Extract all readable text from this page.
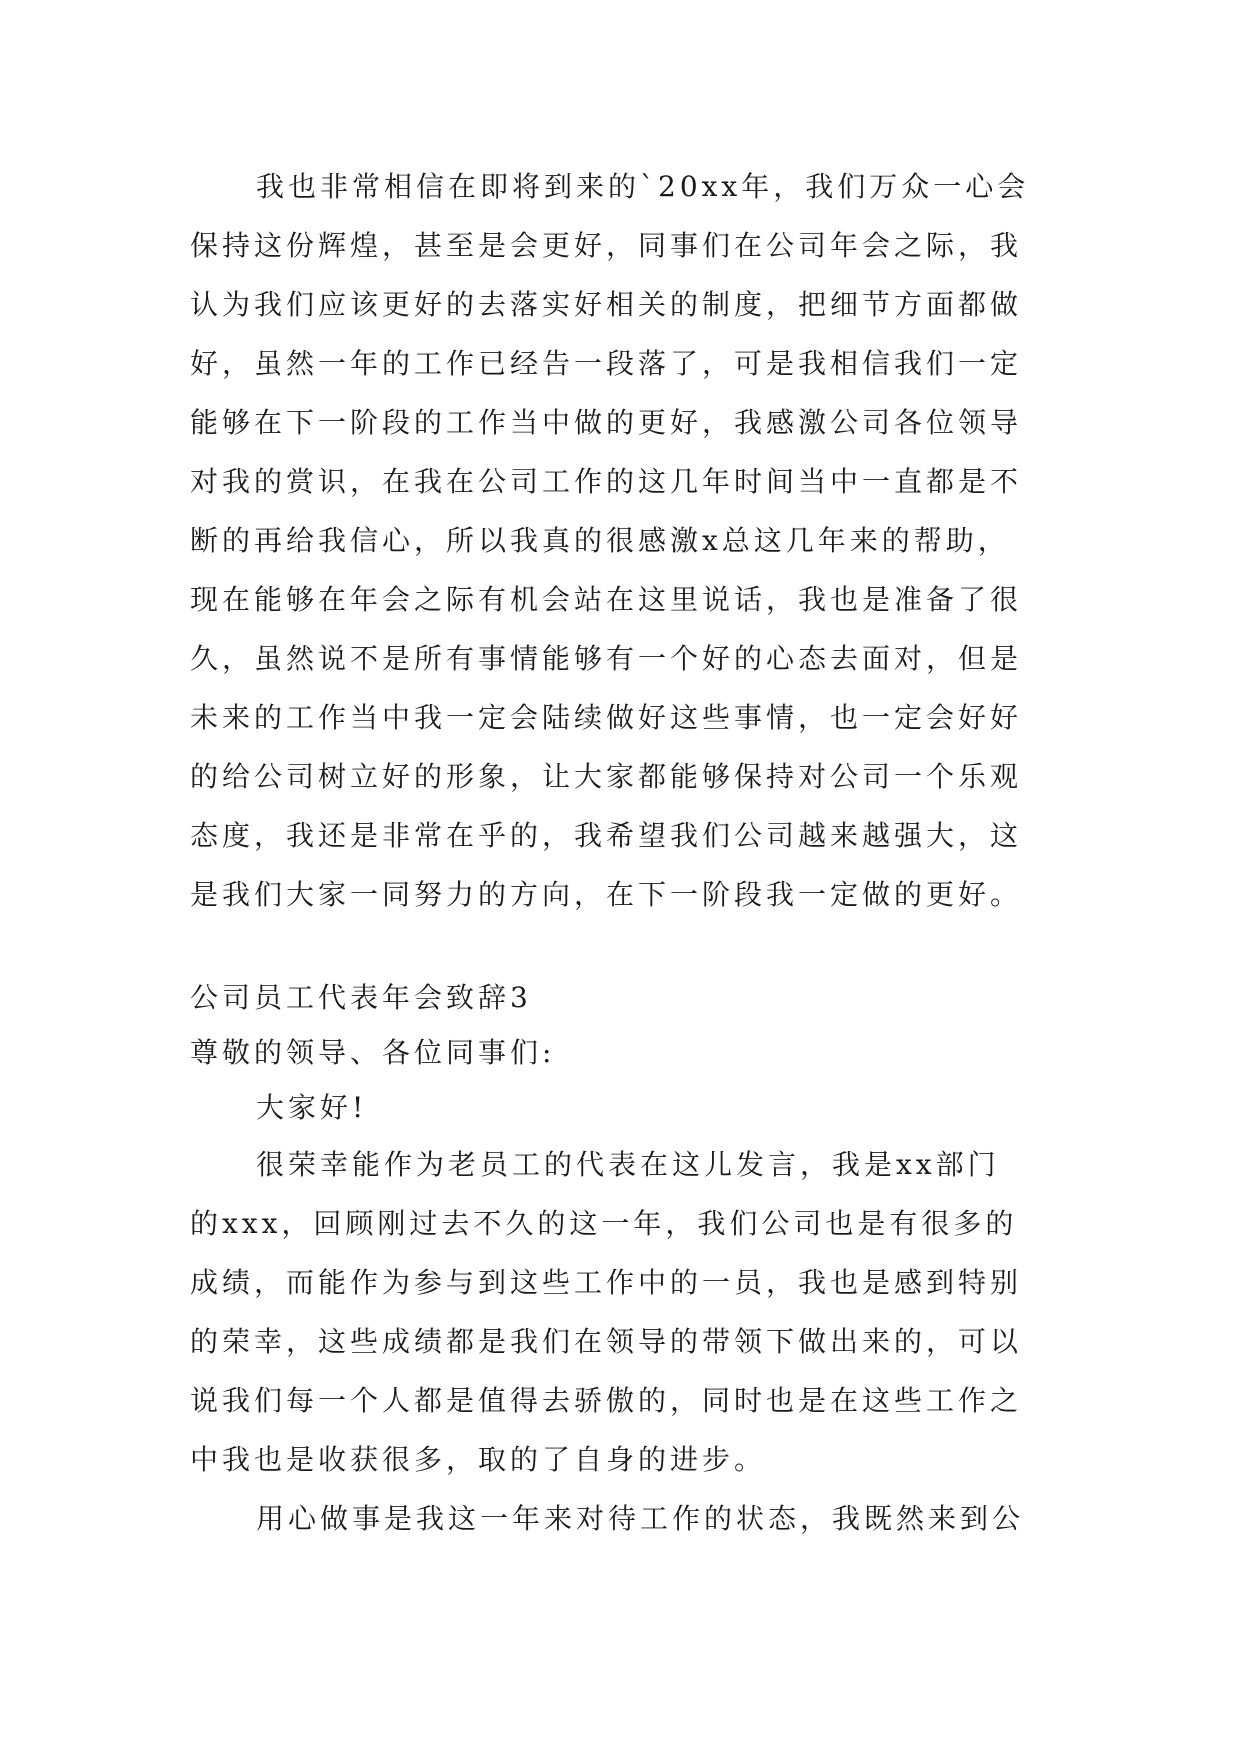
我也非常相信在即将到来的`20xx年，我们万众一心会
保持这份辉煌，甚至是会更好，同事们在公司年会之际，我
认为我们应该更好的去落实好相关的制度，把细节方面都做
好，虽然一年的工作已经告一段落了，可是我相信我们一定
能够在下一阶段的工作当中做的更好，我感激公司各位领导
对我的赏识，在我在公司工作的这几年时间当中一直都是不
断的再给我信心，所以我真的很感激x总这几年来的帮助，
现在能够在年会之际有机会站在这里说话，我也是准备了很
久，虽然说不是所有事情能够有一个好的心态去面对，但是
未来的工作当中我一定会陆续做好这些事情，也一定会好好
的给公司树立好的形象，让大家都能够保持对公司一个乐观
态度，我还是非常在乎的，我希望我们公司越来越强大，这
是我们大家一同努力的方向，在下一阶段我一定做的更好。
公司员工代表年会致辞3
尊敬的领导、各位同事们:
大家好!
很荣幸能作为老员工的代表在这儿发言，我是xx部门
的xxx，回顾刚过去不久的这一年，我们公司也是有很多的
成绩，而能作为参与到这些工作中的一员，我也是感到特别
的荣幸，这些成绩都是我们在领导的带领下做出来的，可以
说我们每一个人都是值得去骄傲的，同时也是在这些工作之
中我也是收获很多，取的了自身的进步。
用心做事是我这一年来对待工作的状态，我既然来到公
